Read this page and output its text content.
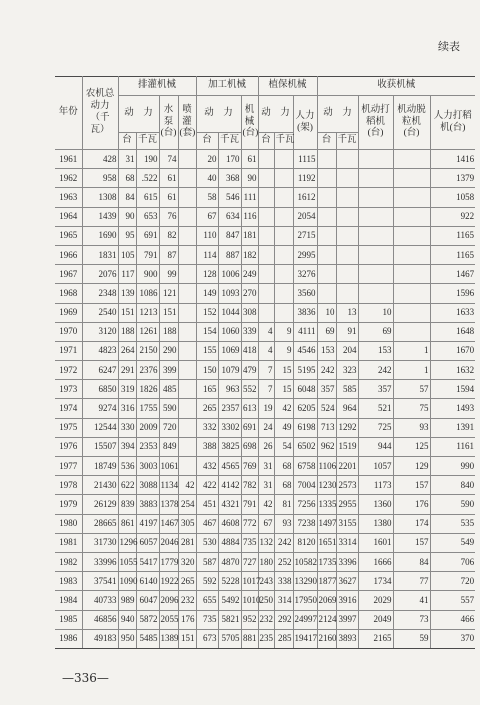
续表
年份	农机总动力（千瓦）	排灌机械				加工机械			植保机械			收获机械				
		动　力		水泵(台)	喷灌(套)	动　力		机械(台)	动　力		人力(架)	动　力		机动打稻机(台)	机动脱粒机(台)	人力打稻机(台)
		台	千瓦			台	千瓦		台	千瓦		台	千瓦			
1961	428	31	190	74		20	170	61			1115					1416
1962	958	68	.522	61		40	368	90			1192					1379
1963	1308	84	615	61		58	546	111			1612					1058
1964	1439	90	653	76		67	634	116			2054					922
1965	1690	95	691	82		110	847	181			2715					1165
1966	1831	105	791	87		114	887	182			2995					1165
1967	2076	117	900	99		128	1006	249			3276					1467
1968	2348	139	1086	121		149	1093	270			3560					1596
1969	2540	151	1213	151		152	1044	308			3836	10	13	10		1633
1970	3120	188	1261	188		154	1060	339	4	9	4111	69	91	69		1648
1971	4823	264	2150	290		155	1069	418	4	9	4546	153	204	153	1	1670
1972	6247	291	2376	399		150	1079	479	7	15	5195	242	323	242	1	1632
1973	6850	319	1826	485		165	963	552	7	15	6048	357	585	357	57	1594
1974	9274	316	1755	590		265	2357	613	19	42	6205	524	964	521	75	1493
1975	12544	330	2009	720		332	3302	691	24	49	6198	713	1292	725	93	1391
1976	15507	394	2353	849		388	3825	698	26	54	6502	962	1519	944	125	1161
1977	18749	536	3003	1061		432	4565	769	31	68	6758	1106	2201	1057	129	990
1978	21430	622	3088	1134	42	422	4142	782	31	68	7004	1230	2573	1173	157	840
1979	26129	839	3883	1378	254	451	4321	791	42	81	7256	1335	2955	1360	176	590
1980	28665	861	4197	1467	305	467	4608	772	67	93	7238	1497	3155	1380	174	535
1981	31730	1296	6057	2046	281	530	4884	735	132	242	8120	1651	3314	1601	157	549
1982	33996	1055	5417	1779	320	587	4870	727	180	252	10582	1735	3396	1666	84	706
1983	37541	1090	6140	1922	265	592	5228	1017	243	338	13290	1877	3627	1734	77	720
1984	40733	989	6047	2096	232	655	5492	1010	250	314	17950	2069	3916	2029	41	557
1985	46856	940	5872	2055	176	735	5821	952	232	292	24997	2124	3997	2049	73	466
1986	49183	950	5485	1389	151	673	5705	881	235	285	19417	2160	3893	2165	59	370
—336—
